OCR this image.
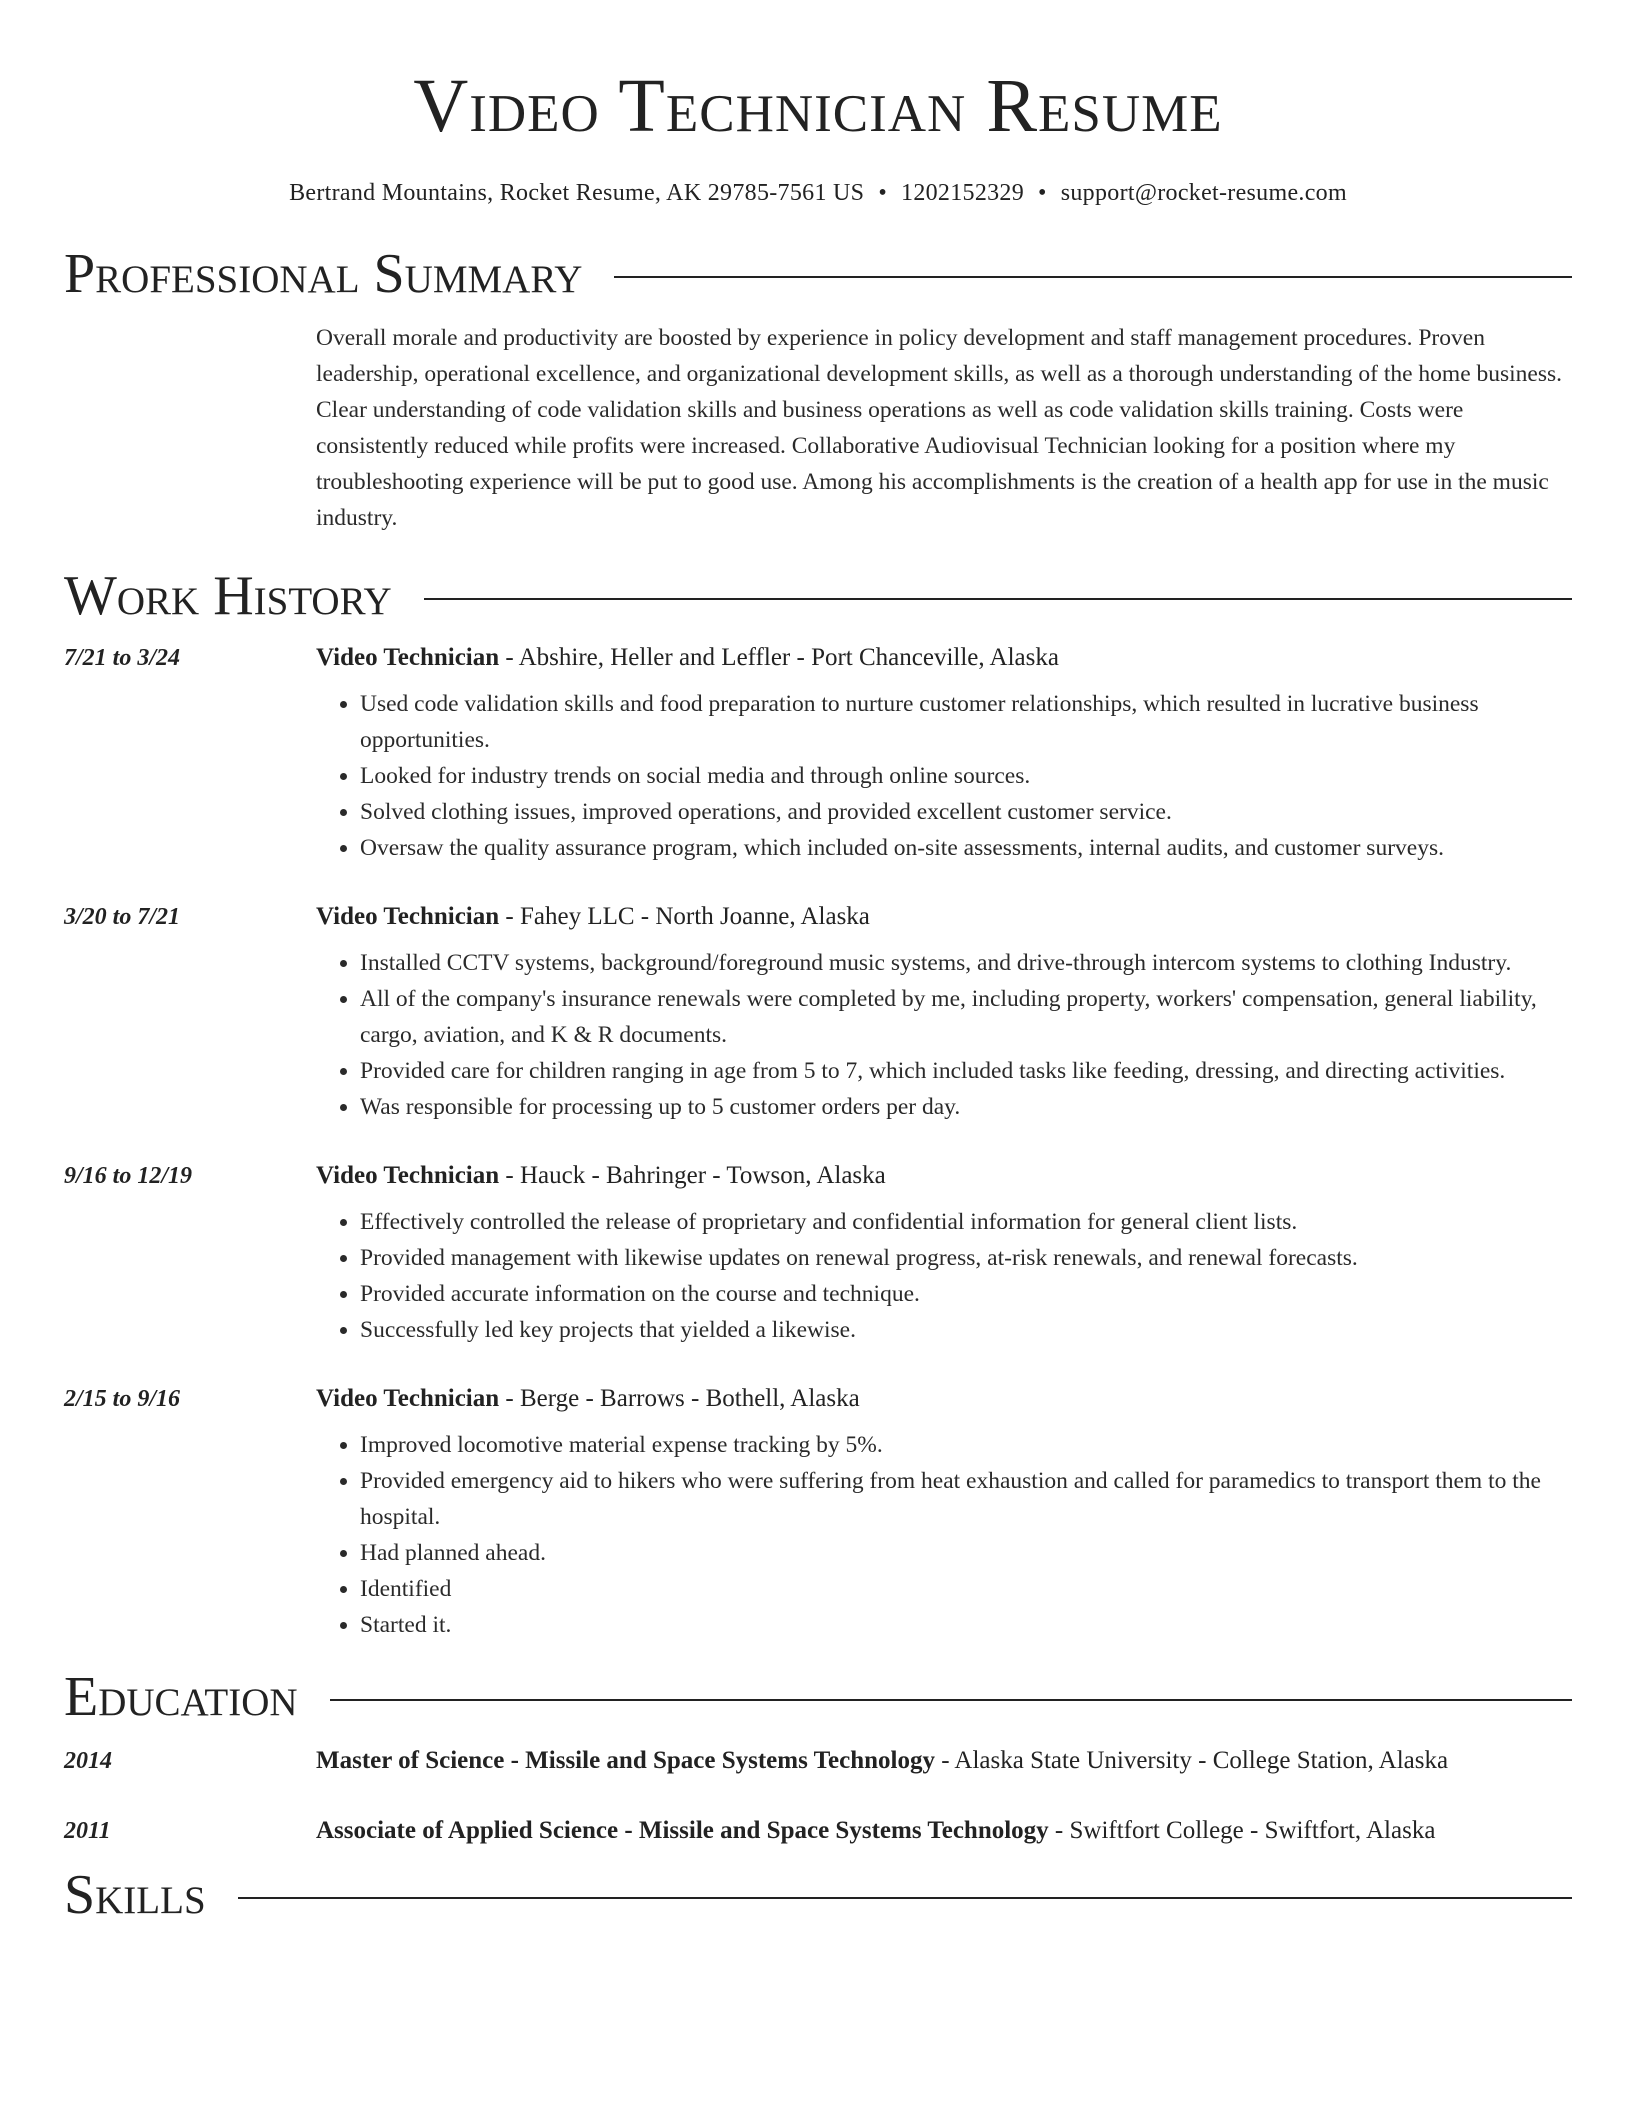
Video Technician Resume
Bertrand Mountains, Rocket Resume, AK 29785-7561 US • 1202152329 • support@rocket-resume.com
Professional Summary
Overall morale and productivity are boosted by experience in policy development and staff management procedures. Proven leadership, operational excellence, and organizational development skills, as well as a thorough understanding of the home business. Clear understanding of code validation skills and business operations as well as code validation skills training. Costs were consistently reduced while profits were increased. Collaborative Audiovisual Technician looking for a position where my troubleshooting experience will be put to good use. Among his accomplishments is the creation of a health app for use in the music industry.
Work History
7/21 to 3/24	Video Technician - Abshire, Heller and Leffler - Port Chanceville, Alaska
• Used code validation skills and food preparation to nurture customer relationships, which resulted in lucrative business opportunities.
• Looked for industry trends on social media and through online sources.
• Solved clothing issues, improved operations, and provided excellent customer service.
• Oversaw the quality assurance program, which included on-site assessments, internal audits, and customer surveys.
3/20 to 7/21	Video Technician - Fahey LLC - North Joanne, Alaska
• Installed CCTV systems, background/foreground music systems, and drive-through intercom systems to clothing Industry.
• All of the company's insurance renewals were completed by me, including property, workers' compensation, general liability, cargo, aviation, and K & R documents.
• Provided care for children ranging in age from 5 to 7, which included tasks like feeding, dressing, and directing activities.
• Was responsible for processing up to 5 customer orders per day.
9/16 to 12/19	Video Technician - Hauck - Bahringer - Towson, Alaska
• Effectively controlled the release of proprietary and confidential information for general client lists.
• Provided management with likewise updates on renewal progress, at-risk renewals, and renewal forecasts.
• Provided accurate information on the course and technique.
• Successfully led key projects that yielded a likewise.
2/15 to 9/16	Video Technician - Berge - Barrows - Bothell, Alaska
• Improved locomotive material expense tracking by 5%.
• Provided emergency aid to hikers who were suffering from heat exhaustion and called for paramedics to transport them to the hospital.
• Had planned ahead.
• Identified
• Started it.
Education
2014	Master of Science - Missile and Space Systems Technology - Alaska State University - College Station, Alaska
2011	Associate of Applied Science - Missile and Space Systems Technology - Swiftfort College - Swiftfort, Alaska
Skills
